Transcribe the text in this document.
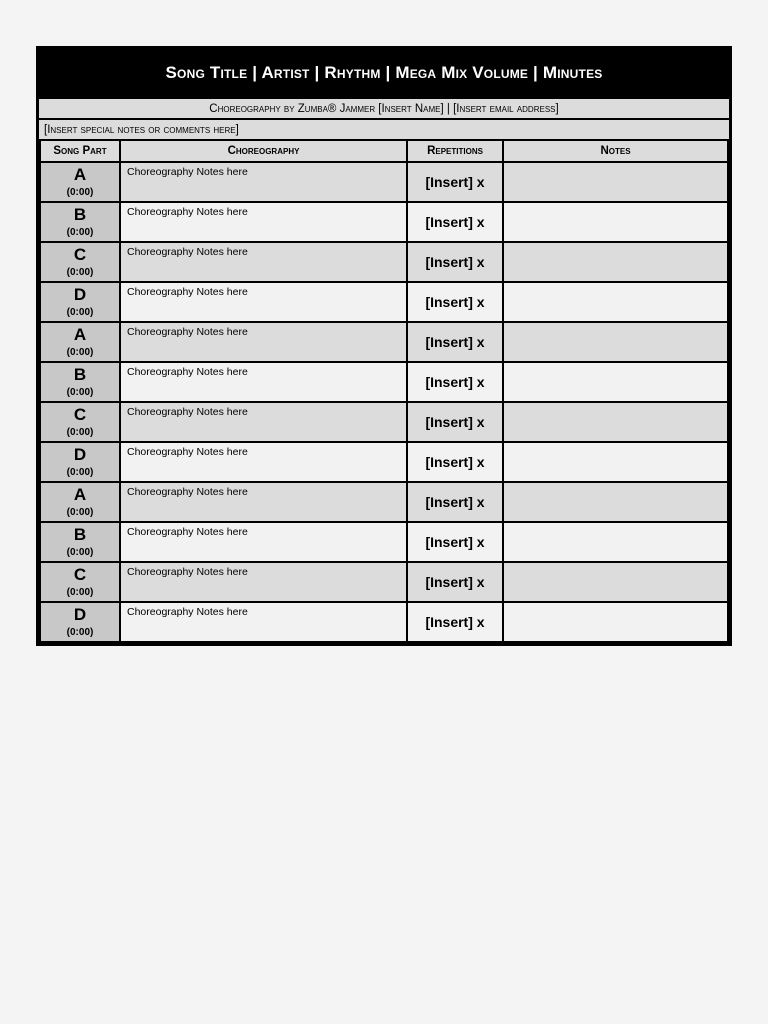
Song Title | Artist | Rhythm | Mega Mix Volume | Minutes
Choreography by Zumba® Jammer [Insert Name] | [Insert email address]
[Insert special notes or comments here]
Song Part	Choreography	Repetitions	Notes

A
(0:00)	Choreography Notes here	[Insert] x	

B
(0:00)	Choreography Notes here	[Insert] x	

C
(0:00)	Choreography Notes here	[Insert] x	

D
(0:00)	Choreography Notes here	[Insert] x	

A
(0:00)	Choreography Notes here	[Insert] x	

B
(0:00)	Choreography Notes here	[Insert] x	

C
(0:00)	Choreography Notes here	[Insert] x	

D
(0:00)	Choreography Notes here	[Insert] x	

A
(0:00)	Choreography Notes here	[Insert] x	

B
(0:00)	Choreography Notes here	[Insert] x	

C
(0:00)	Choreography Notes here	[Insert] x	

D
(0:00)	Choreography Notes here	[Insert] x	
